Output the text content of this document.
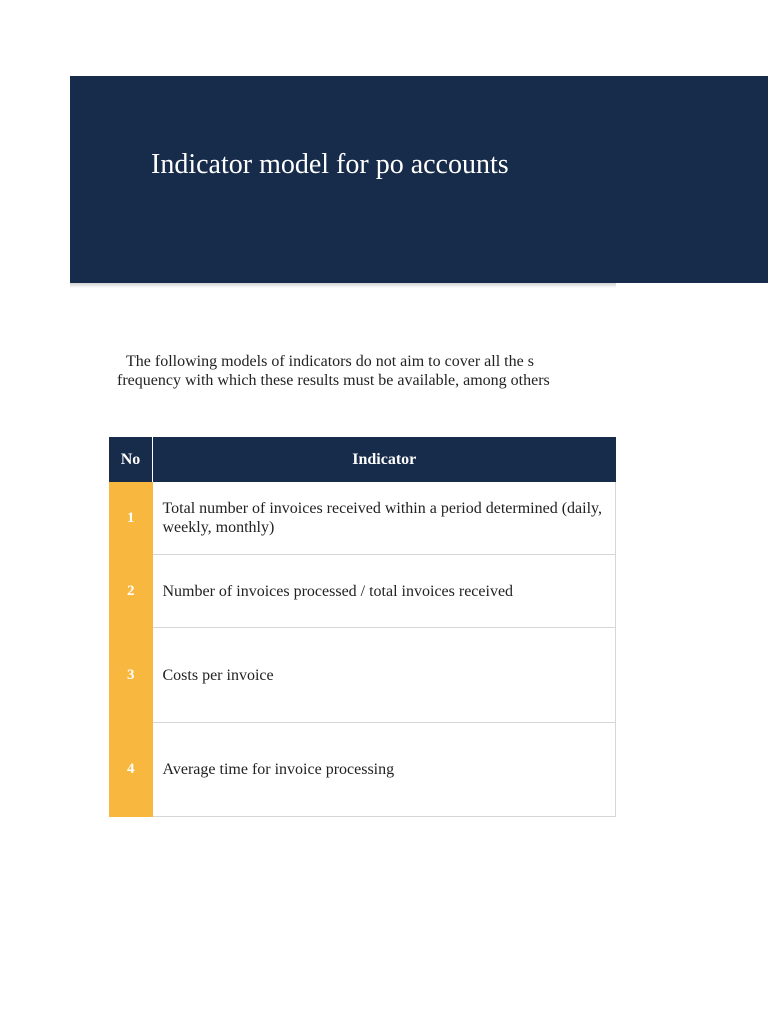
Indicator model for po accounts
The following models of indicators do not aim to cover all the s
frequency with which these results must be available, among others
No	Indicator
1	Total number of invoices received within a period determined (daily, weekly, monthly)
2	Number of invoices processed / total invoices received
3	Costs per invoice
4	Average time for invoice processing
